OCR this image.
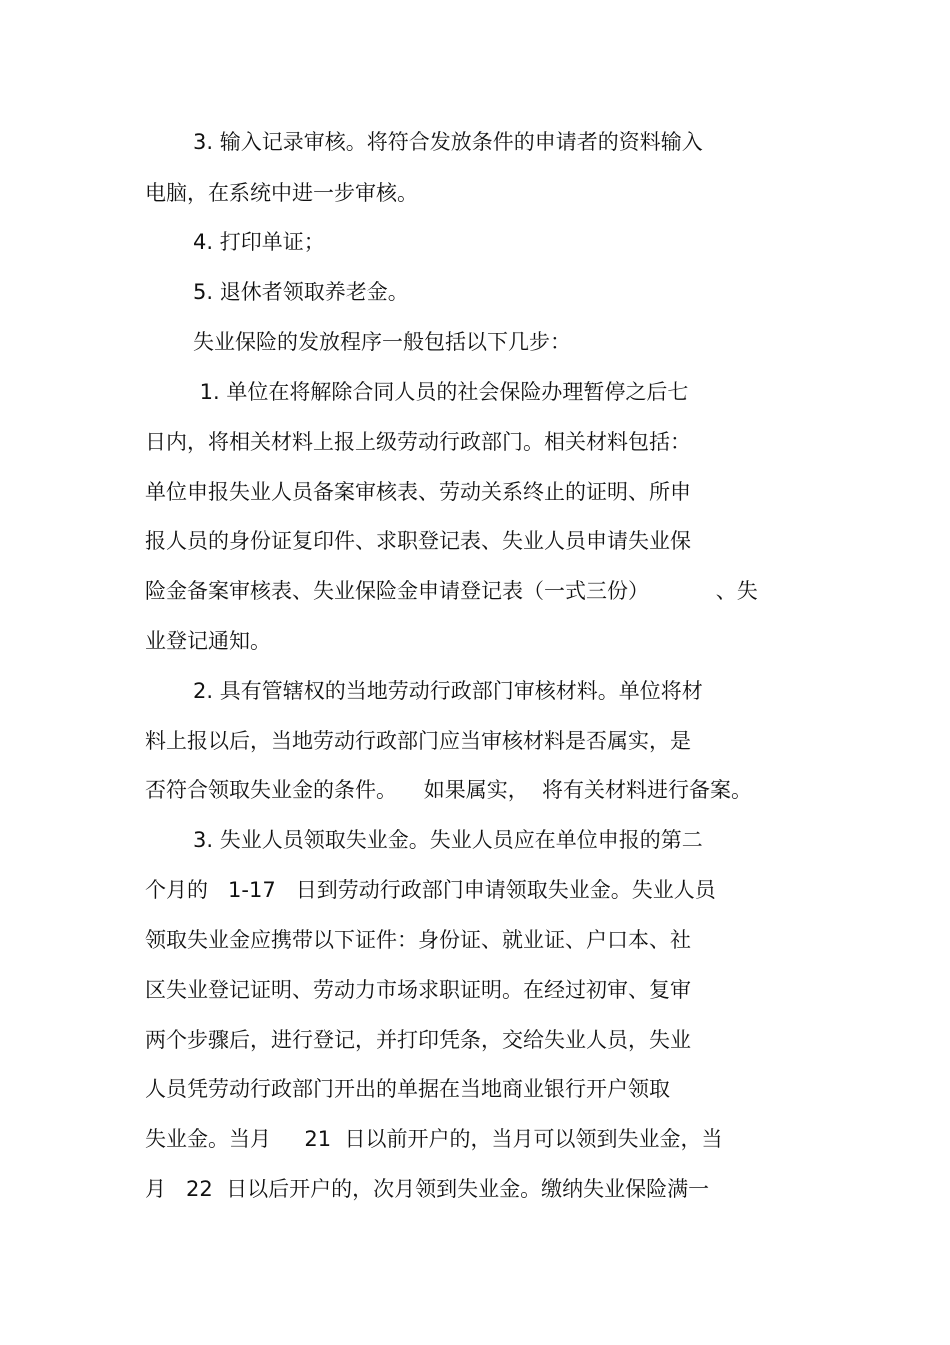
3. 输入记录审核。将符合发放条件的申请者的资料输入
电脑，在系统中进一步审核。
4. 打印单证；
5. 退休者领取养老金。
失业保险的发放程序一般包括以下几步：
1. 单位在将解除合同人员的社会保险办理暂停之后七
日内，将相关材料上报上级劳动行政部门。相关材料包括：
单位申报失业人员备案审核表、劳动关系终止的证明、所申
报人员的身份证复印件、求职登记表、失业人员申请失业保
险金备案审核表、失业保险金申请登记表（一式三份）          、失
业登记通知。
2. 具有管辖权的当地劳动行政部门审核材料。单位将材
料上报以后，当地劳动行政部门应当审核材料是否属实，是
否符合领取失业金的条件。    如果属实，  将有关材料进行备案。
3. 失业人员领取失业金。失业人员应在单位申报的第二
个月的   1-17   日到劳动行政部门申请领取失业金。失业人员
领取失业金应携带以下证件：身份证、就业证、户口本、社
区失业登记证明、劳动力市场求职证明。在经过初审、复审
两个步骤后，进行登记，并打印凭条，交给失业人员，失业
人员凭劳动行政部门开出的单据在当地商业银行开户领取
失业金。当月     21  日以前开户的，当月可以领到失业金，当
月   22  日以后开户的，次月领到失业金。缴纳失业保险满一
